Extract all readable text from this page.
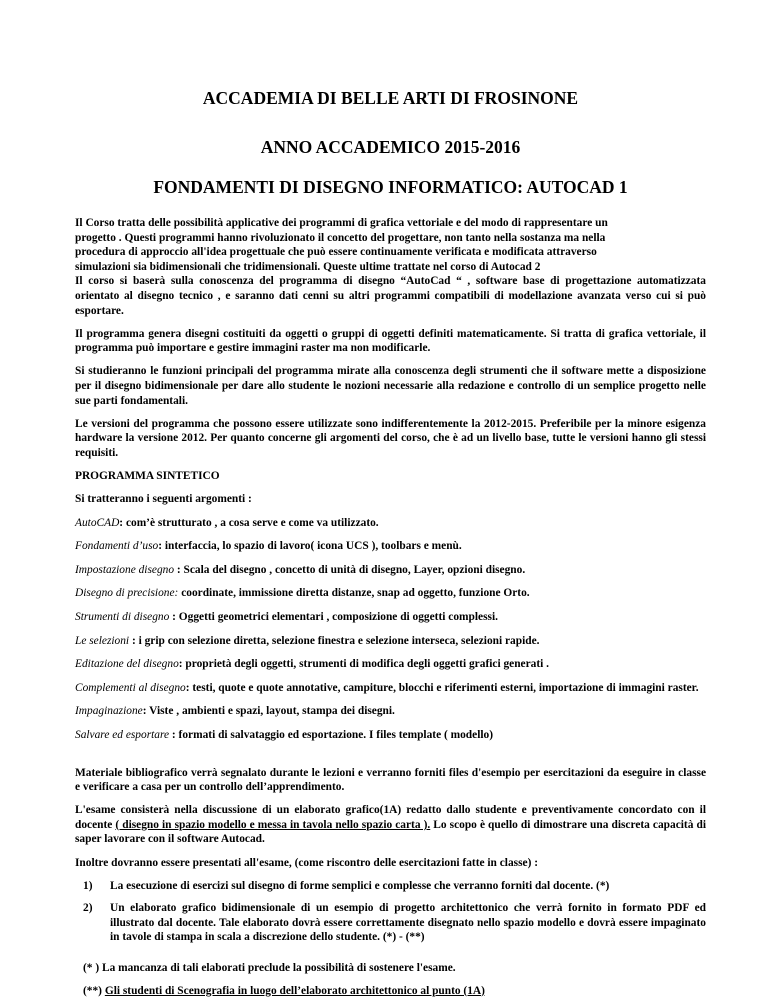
ACCADEMIA DI BELLE ARTI DI FROSINONE
ANNO ACCADEMICO 2015-2016
FONDAMENTI DI DISEGNO INFORMATICO: AUTOCAD 1

Il Corso tratta delle possibilità applicative dei programmi di grafica vettoriale e del modo di rappresentare un
progetto . Questi programmi hanno rivoluzionato il concetto del progettare, non tanto nella sostanza ma nella
procedura di approccio all'idea progettuale che può essere continuamente verificata e modificata attraverso
simulazioni sia bidimensionali che tridimensionali. Queste ultime trattate nel corso di Autocad 2

Il corso si baserà sulla conoscenza del programma di disegno “AutoCad “ , software base di progettazione automatizzata orientato al disegno tecnico , e saranno dati cenni su altri programmi compatibili di modellazione avanzata verso cui si può esportare.

Il programma genera disegni costituiti da oggetti o gruppi di oggetti definiti matematicamente. Si tratta di grafica vettoriale, il programma può importare e gestire immagini raster ma non modificarle.

Si studieranno le funzioni principali del programma mirate alla conoscenza degli strumenti che il software mette a disposizione per il disegno bidimensionale per dare allo studente le nozioni necessarie alla redazione e controllo di un semplice progetto nelle sue parti fondamentali.

Le versioni del programma che possono essere utilizzate sono indifferentemente la 2012-2015. Preferibile per la minore esigenza hardware la versione 2012. Per quanto concerne gli argomenti del corso, che è ad un livello base, tutte le versioni hanno gli stessi requisiti.

PROGRAMMA SINTETICO

Si tratteranno i seguenti argomenti :

AutoCAD: com’è strutturato , a cosa serve e come va utilizzato.

Fondamenti d’uso: interfaccia, lo spazio di lavoro( icona UCS ), toolbars e menù.

Impostazione disegno : Scala del disegno , concetto di unità di disegno, Layer, opzioni disegno.

Disegno di precisione: coordinate, immissione diretta distanze, snap ad oggetto, funzione Orto.

Strumenti di disegno : Oggetti geometrici elementari , composizione di oggetti complessi.

Le selezioni : i grip con selezione diretta, selezione finestra e selezione interseca, selezioni rapide.

Editazione del disegno: proprietà degli oggetti, strumenti di modifica degli oggetti grafici generati .

Complementi al disegno: testi, quote e quote annotative, campiture, blocchi e riferimenti esterni, importazione di immagini raster.

Impaginazione: Viste , ambienti e spazi, layout, stampa dei disegni.

Salvare ed esportare : formati di salvataggio ed esportazione. I files template ( modello)

Materiale bibliografico verrà segnalato durante le lezioni e verranno forniti files d'esempio per esercitazioni da eseguire in classe e verificare a casa per un controllo dell’apprendimento.

L'esame consisterà nella discussione di un elaborato grafico(1A) redatto dallo studente e preventivamente concordato con il docente ( disegno in spazio modello e messa in tavola nello spazio carta ). Lo scopo è quello di dimostrare una discreta capacità di saper lavorare con il software Autocad.

Inoltre dovranno essere presentati all'esame, (come riscontro delle esercitazioni fatte in classe) :

1)	La esecuzione di esercizi sul disegno di forme semplici e complesse che verranno forniti dal docente. (*)
2)	Un elaborato grafico bidimensionale di un esempio di progetto architettonico che verrà fornito in formato PDF ed illustrato dal docente. Tale elaborato dovrà essere correttamente disegnato nello spazio modello e dovrà essere impaginato in tavole di stampa in scala a discrezione dello studente. (*) - (**)

(* ) La mancanza di tali elaborati preclude la possibilità di sostenere l'esame.

(**) Gli studenti di Scenografia in luogo dell’elaborato architettonico al punto (1A)
